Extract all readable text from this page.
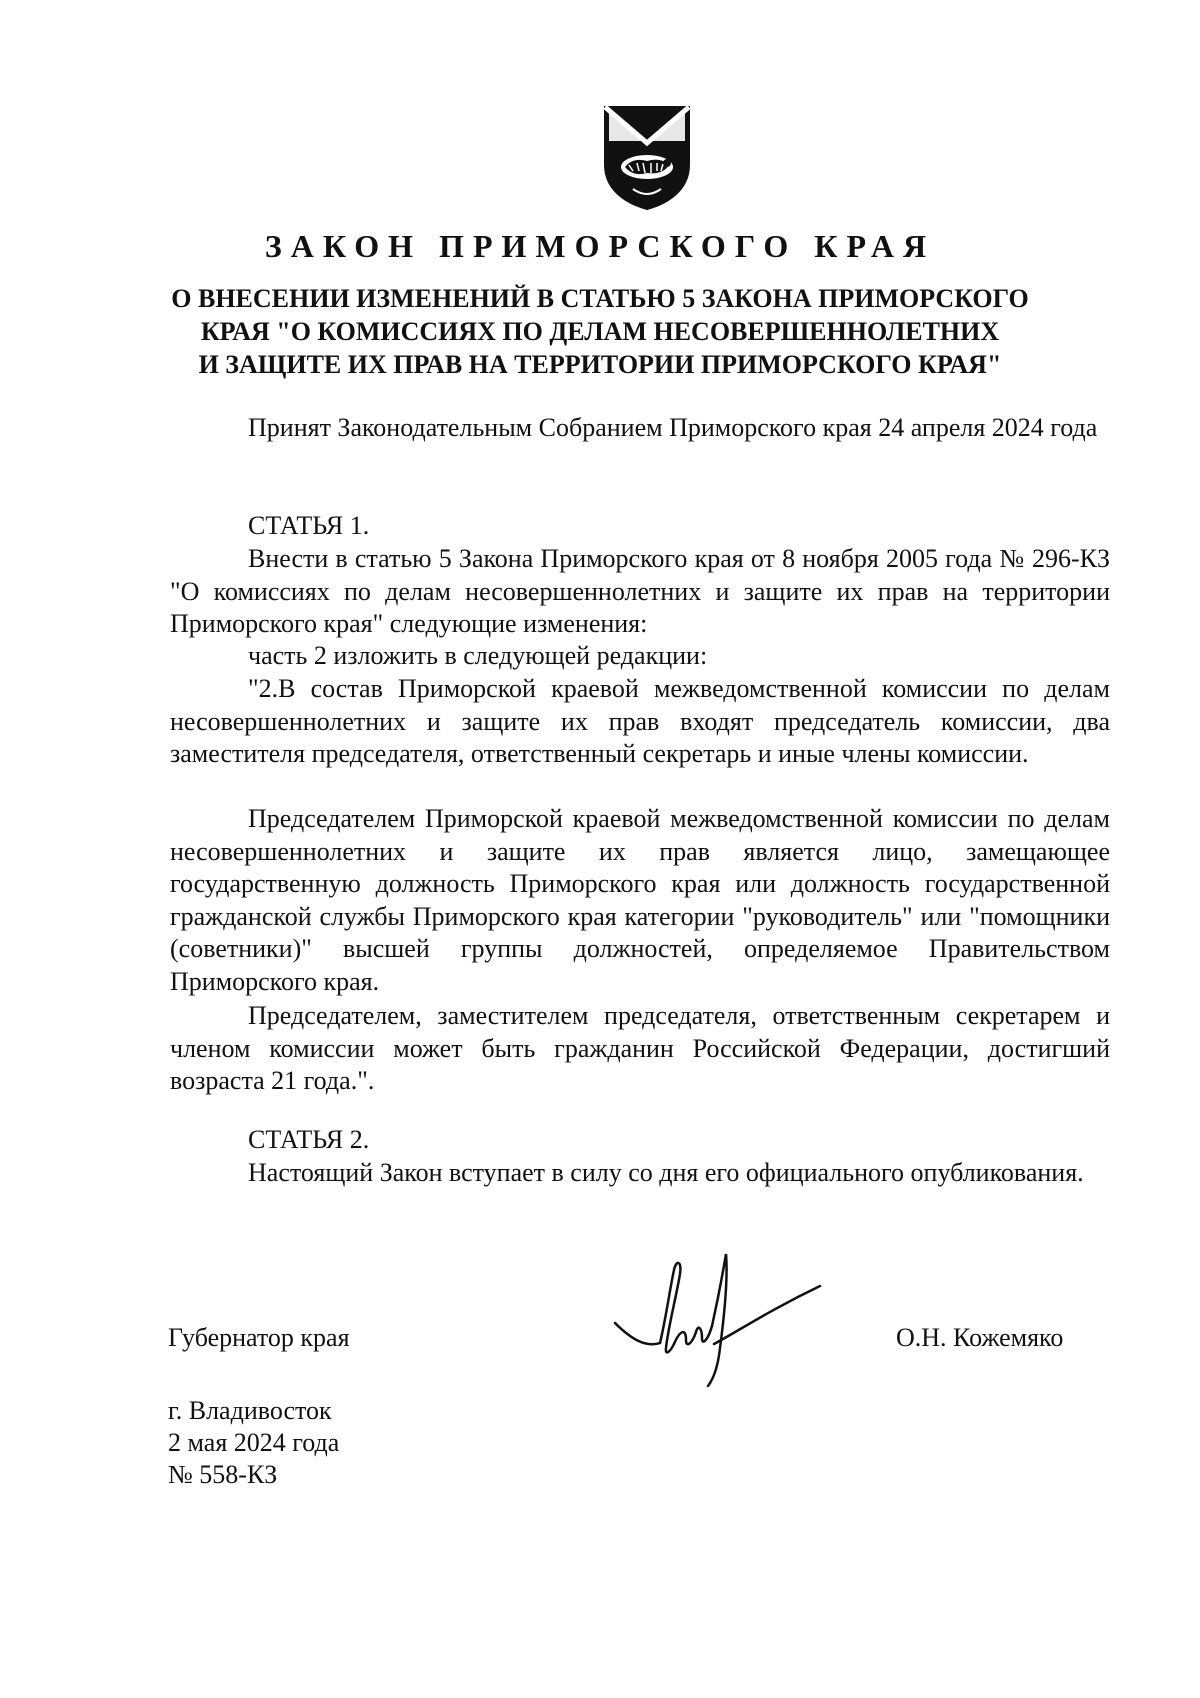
ЗАКОН ПРИМОРСКОГО КРАЯ
О ВНЕСЕНИИ ИЗМЕНЕНИЙ В СТАТЬЮ 5 ЗАКОНА ПРИМОРСКОГО
КРАЯ "О КОМИССИЯХ ПО ДЕЛАМ НЕСОВЕРШЕННОЛЕТНИХ
И ЗАЩИТЕ ИХ ПРАВ НА ТЕРРИТОРИИ ПРИМОРСКОГО КРАЯ"

Принят Законодательным Собранием Приморского края 24 апреля 2024 года

СТАТЬЯ 1.

Внести в статью 5 Закона Приморского края от 8 ноября 2005 года № 296-КЗ "О комиссиях по делам несовершеннолетних и защите их прав на территории Приморского края" следующие изменения:

часть 2 изложить в следующей редакции:

"2.В состав Приморской краевой межведомственной комиссии по делам несовершеннолетних и защите их прав входят председатель комиссии, два заместителя председателя, ответственный секретарь и иные члены комиссии.

Председателем Приморской краевой межведомственной комиссии по делам несовершеннолетних и защите их прав является лицо, замещающее государственную должность Приморского края или должность государственной гражданской службы Приморского края категории "руководитель" или "помощники (советники)" высшей группы должностей, определяемое Правительством Приморского края.

Председателем, заместителем председателя, ответственным секретарем и членом комиссии может быть гражданин Российской Федерации, достигший возраста 21 года.".

СТАТЬЯ 2.

Настоящий Закон вступает в силу со дня его официального опубликования.

Губернатор края	О.Н. Кожемяко

г. Владивосток
2 мая 2024 года
№ 558-КЗ
